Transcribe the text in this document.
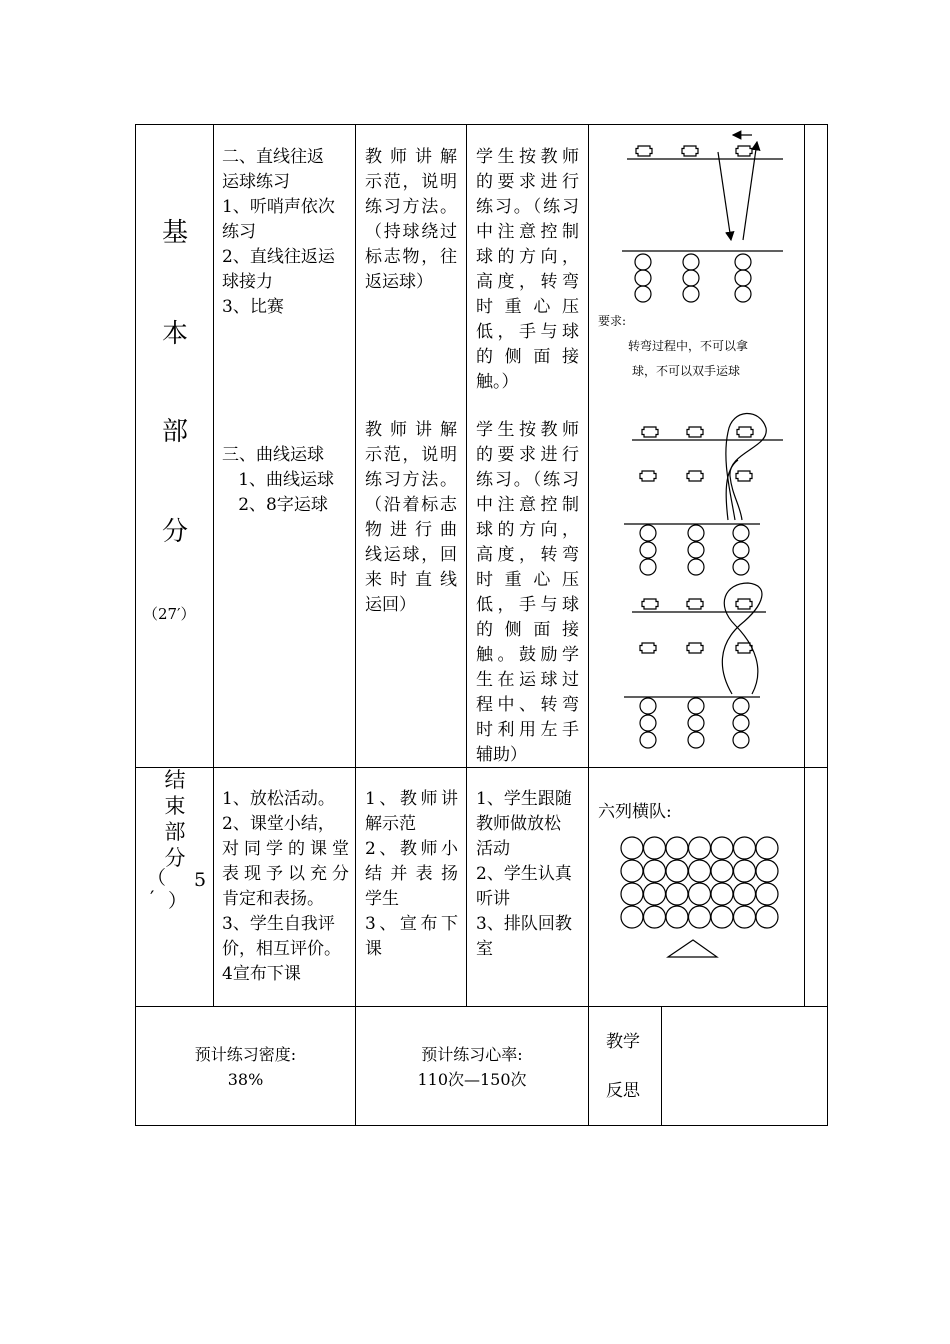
基
本
部
分
（27′）
二、直线往返
运球练习
1、听哨声依次
练习
2、直线往返运
球接力
3、比赛
教师讲解
示范，说明
练习方法。
（持球绕过
标志物，往
返运球）
学生按教师
的要求进行
练习。（练习
中注意控制
球的方向，
高度，转弯
时重心压
低，手与球
的侧面接
触。）
要求:
转弯过程中，不可以拿
球，不可以双手运球
三、曲线运球
1、曲线运球
2、8字运球
教师讲解
示范，说明
练习方法。
（沿着标志
物进行曲
线运球，回
来时直线
运回）
学生按教师
的要求进行
练习。（练习
中注意控制
球的方向，
高度，转弯
时重心压
低，手与球
的侧面接
触。鼓励学
生在运球过
程中、转弯
时利用左手
辅助）
结
束
部
分
（ 5
′ ）
1、放松活动。
2、课堂小结，
对同学的课堂
表现予以充分
肯定和表扬。
3、学生自我评
价，相互评价。
4宣布下课
1、教师讲
解示范
2、教师小
结并表扬
学生
3、宣布下
课
1、学生跟随
教师做放松
活动
2、学生认真
听讲
3、排队回教
室
六列横队:
预计练习密度:
38%
预计练习心率:
110次—150次
教学
反思
